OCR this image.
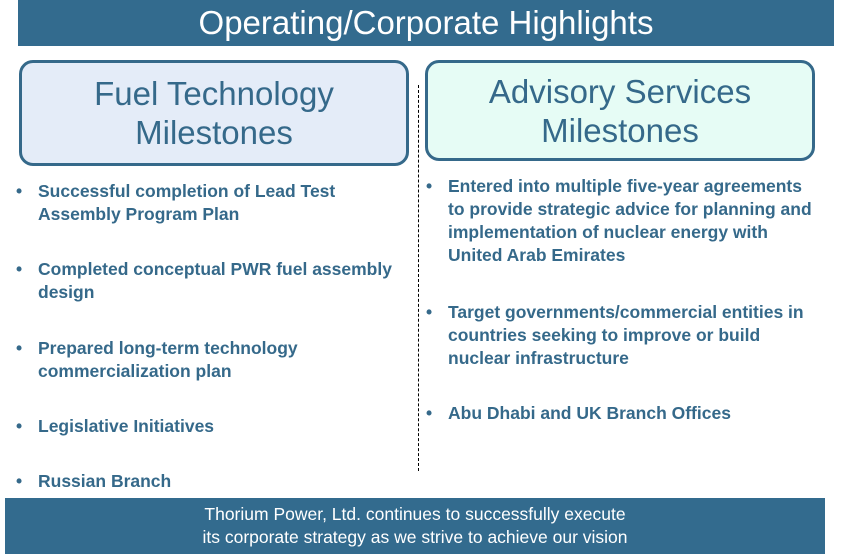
Operating/Corporate Highlights
Fuel Technology
Milestones
Advisory Services
Milestones
• Successful completion of Lead Test Assembly Program Plan
• Completed conceptual PWR fuel assembly design
• Prepared long-term technology commercialization plan
• Legislative Initiatives
• Russian Branch
• Entered into multiple five-year agreements to provide strategic advice for planning and implementation of nuclear energy with United Arab Emirates
• Target governments/commercial entities in countries seeking to improve or build nuclear infrastructure
• Abu Dhabi and UK Branch Offices
Thorium Power, Ltd. continues to successfully execute
its corporate strategy as we strive to achieve our vision
